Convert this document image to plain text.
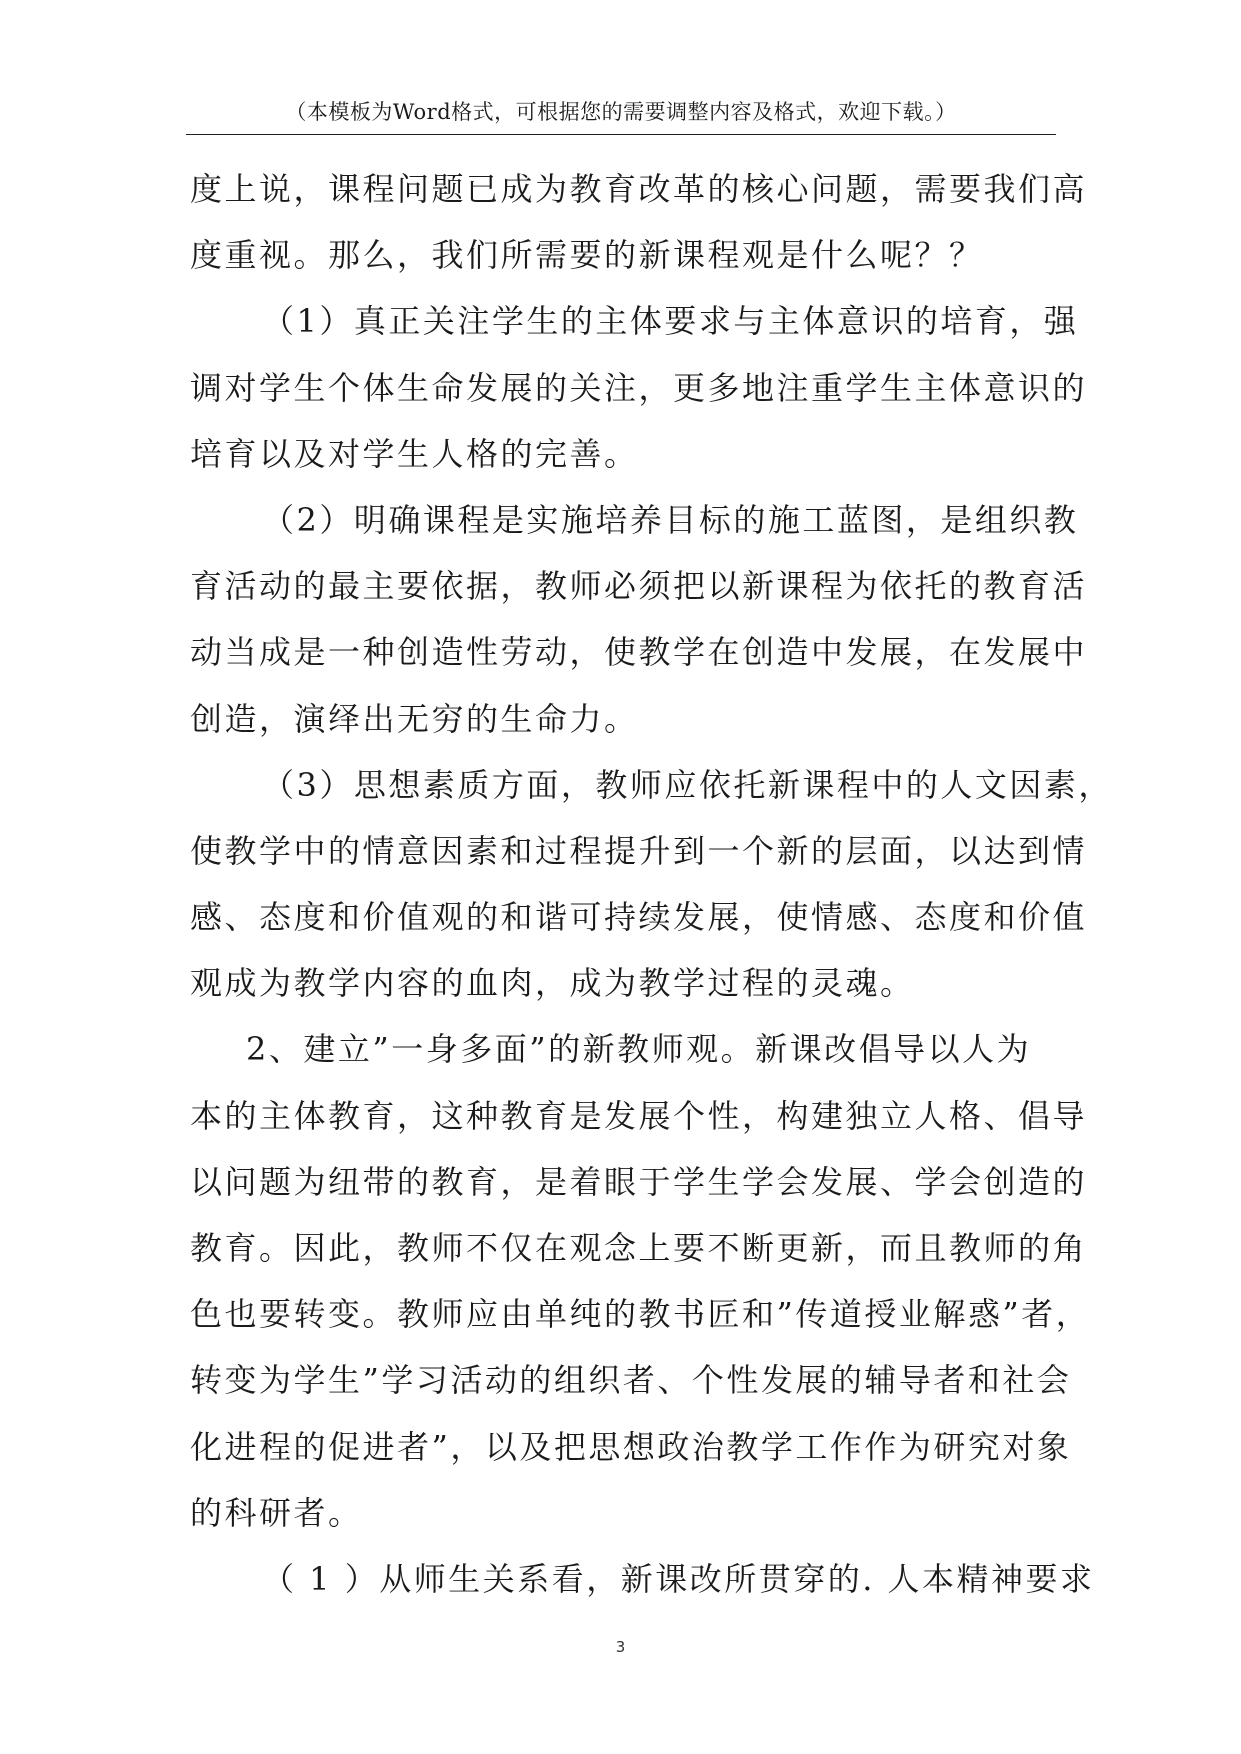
（本模板为Word格式，可根据您的需要调整内容及格式，欢迎下载。）
度上说，课程问题已成为教育改革的核心问题，需要我们高
度重视。那么，我们所需要的新课程观是什么呢？？
（1）真正关注学生的主体要求与主体意识的培育，强
调对学生个体生命发展的关注，更多地注重学生主体意识的
培育以及对学生人格的完善。
（2）明确课程是实施培养目标的施工蓝图，是组织教
育活动的最主要依据，教师必须把以新课程为依托的教育活
动当成是一种创造性劳动，使教学在创造中发展，在发展中
创造，演绎出无穷的生命力。
（3）思想素质方面，教师应依托新课程中的人文因素，
使教学中的情意因素和过程提升到一个新的层面，以达到情
感、态度和价值观的和谐可持续发展，使情感、态度和价值
观成为教学内容的血肉，成为教学过程的灵魂。
2、建立”一身多面”的新教师观。新课改倡导以人为
本的主体教育，这种教育是发展个性，构建独立人格、倡导
以问题为纽带的教育，是着眼于学生学会发展、学会创造的
教育。因此，教师不仅在观念上要不断更新，而且教师的角
色也要转变。教师应由单纯的教书匠和”传道授业解惑”者，
转变为学生”学习活动的组织者、个性发展的辅导者和社会
化进程的促进者”，以及把思想政治教学工作作为研究对象
的科研者。
（ 1 ）从师生关系看，新课改所贯穿的. 人本精神要求
3
